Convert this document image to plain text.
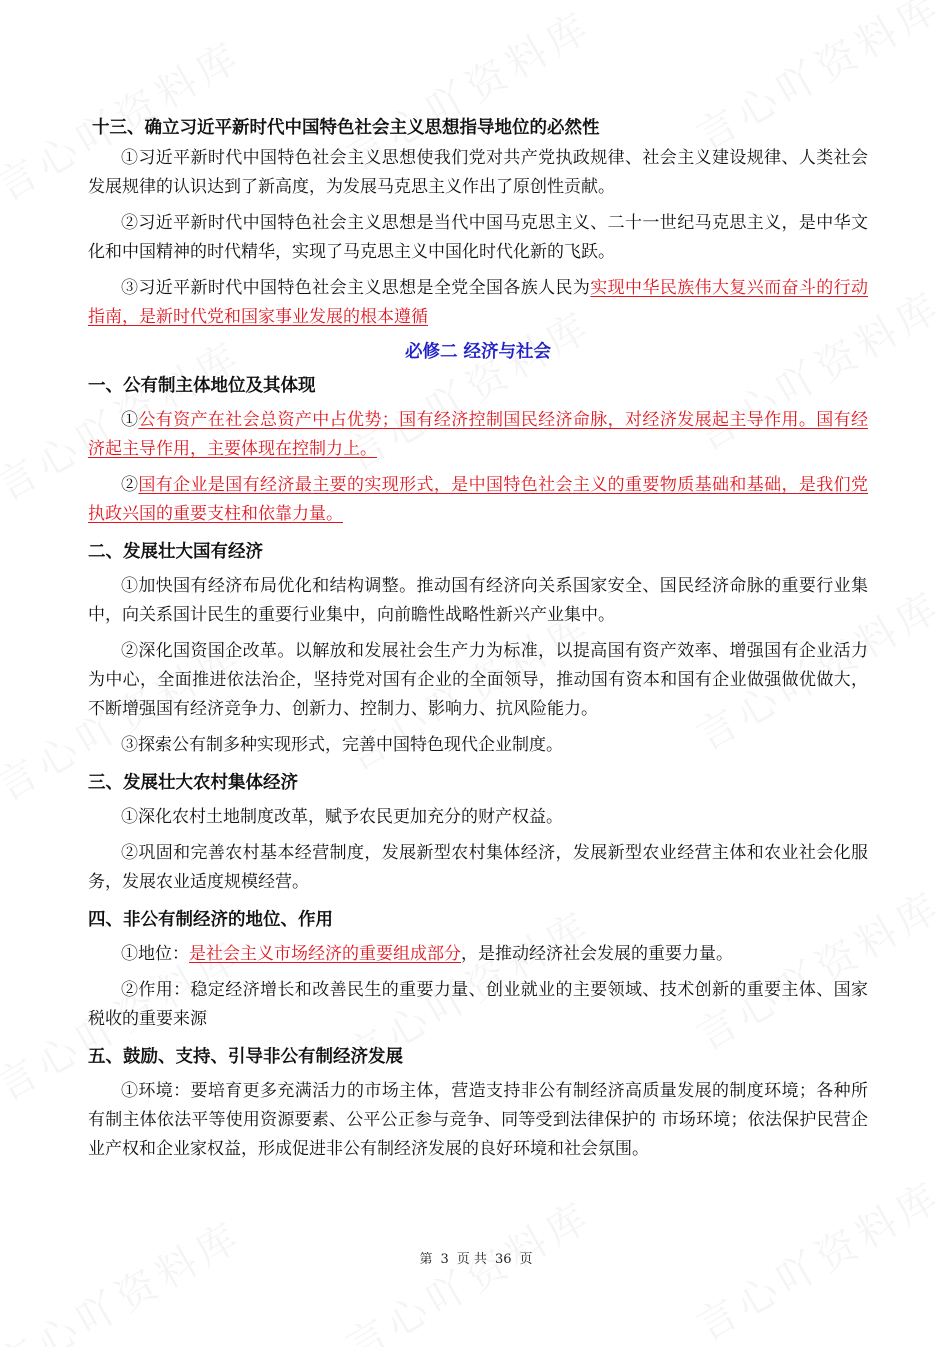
十三、确立习近平新时代中国特色社会主义思想指导地位的必然性

①习近平新时代中国特色社会主义思想使我们党对共产党执政规律、社会主义建设规律、人类社会发展规律的认识达到了新高度，为发展马克思主义作出了原创性贡献。

②习近平新时代中国特色社会主义思想是当代中国马克思主义、二十一世纪马克思主义，是中华文化和中国精神的时代精华，实现了马克思主义中国化时代化新的飞跃。

③习近平新时代中国特色社会主义思想是全党全国各族人民为实现中华民族伟大复兴而奋斗的行动指南，是新时代党和国家事业发展的根本遵循

必修二 经济与社会
一、公有制主体地位及其体现

①公有资产在社会总资产中占优势；国有经济控制国民经济命脉，对经济发展起主导作用。国有经济起主导作用，主要体现在控制力上。

②国有企业是国有经济最主要的实现形式，是中国特色社会主义的重要物质基础和基础，是我们党执政兴国的重要支柱和依靠力量。

二、发展壮大国有经济

①加快国有经济布局优化和结构调整。推动国有经济向关系国家安全、国民经济命脉的重要行业集中，向关系国计民生的重要行业集中，向前瞻性战略性新兴产业集中。

②深化国资国企改革。以解放和发展社会生产力为标准，以提高国有资产效率、增强国有企业活力为中心，全面推进依法治企，坚持党对国有企业的全面领导，推动国有资本和国有企业做强做优做大，不断增强国有经济竞争力、创新力、控制力、影响力、抗风险能力。

③探索公有制多种实现形式，完善中国特色现代企业制度。

三、发展壮大农村集体经济

①深化农村土地制度改革，赋予农民更加充分的财产权益。

②巩固和完善农村基本经营制度，发展新型农村集体经济，发展新型农业经营主体和农业社会化服务，发展农业适度规模经营。

四、非公有制经济的地位、作用

①地位：是社会主义市场经济的重要组成部分，是推动经济社会发展的重要力量。

②作用：稳定经济增长和改善民生的重要力量、创业就业的主要领域、技术创新的重要主体、国家税收的重要来源

五、鼓励、支持、引导非公有制经济发展

①环境：要培育更多充满活力的市场主体，营造支持非公有制经济高质量发展的制度环境；各种所有制主体依法平等使用资源要素、公平公正参与竞争、同等受到法律保护的 市场环境；依法保护民营企业产权和企业家权益，形成促进非公有制经济发展的良好环境和社会氛围。

第 3 页 共 36 页
